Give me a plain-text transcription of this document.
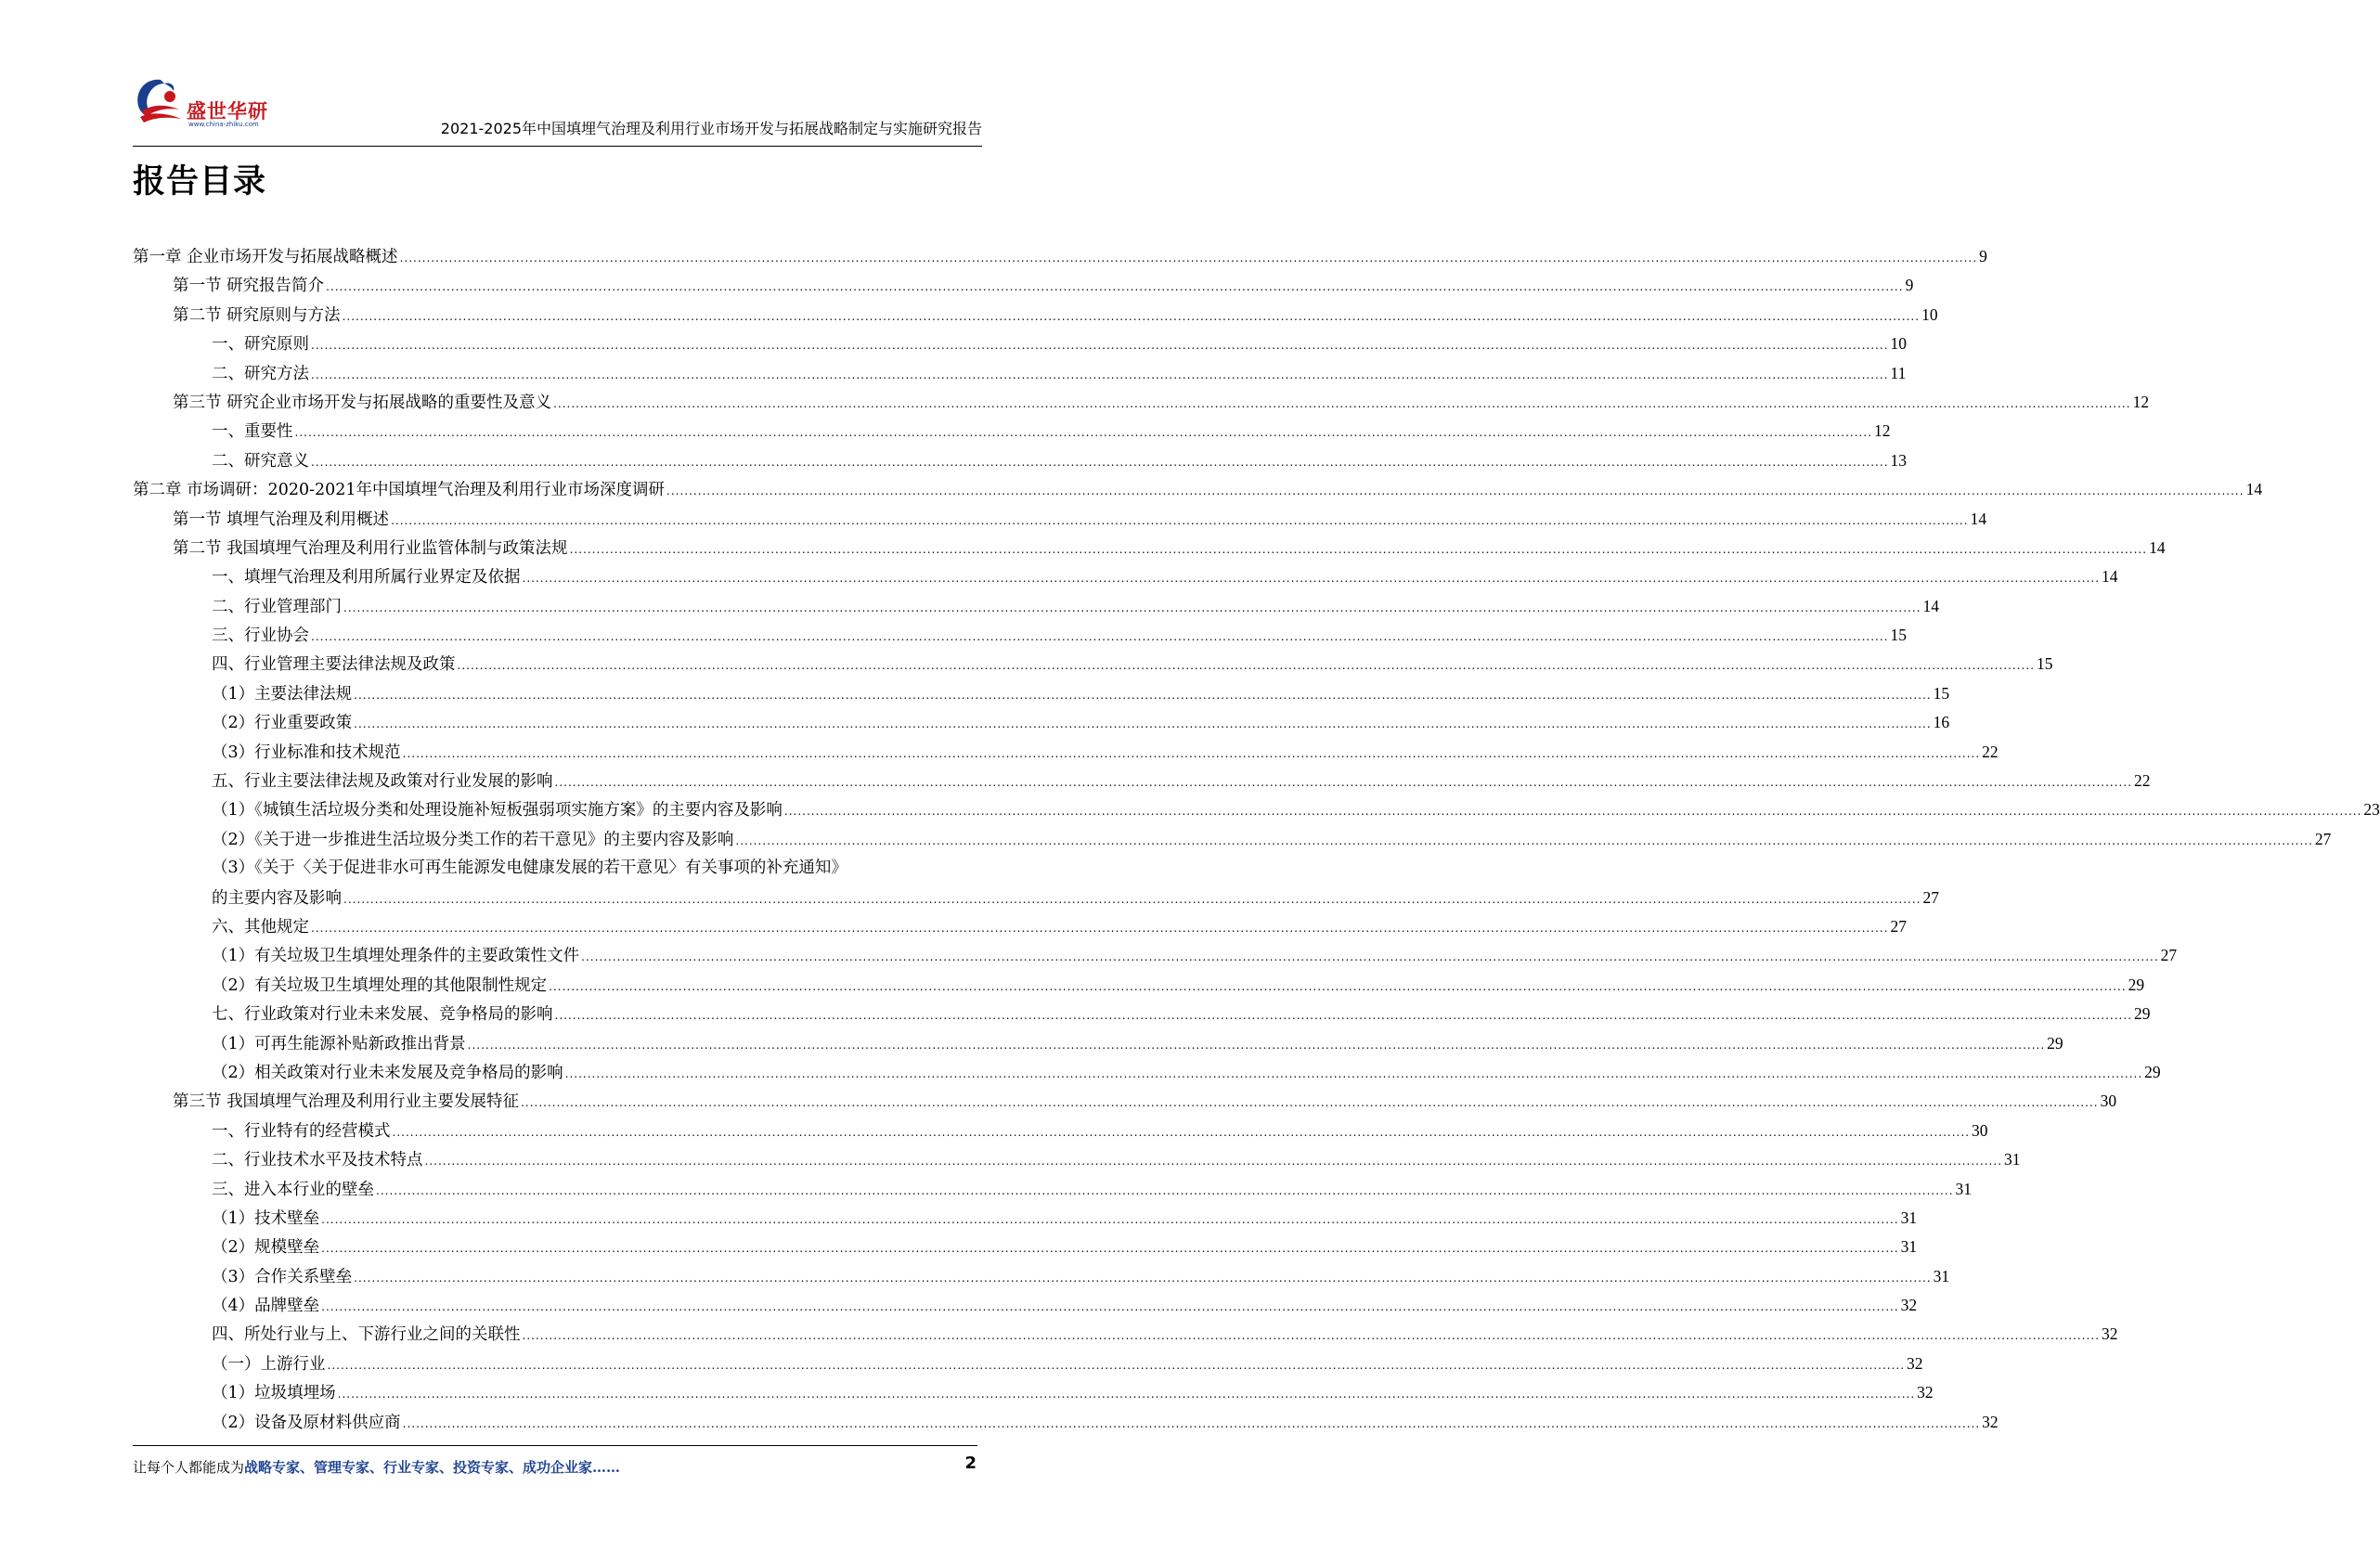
盛世华研
www.china-zhiku.com	2021-2025年中国填埋气治理及利用行业市场开发与拓展战略制定与实施研究报告
报告目录
第一章 企业市场开发与拓展战略概述 .....	9
第一节 研究报告简介 .....	9
第二节 研究原则与方法 .....	10
一、研究原则 .....	10
二、研究方法 .....	11
第三节 研究企业市场开发与拓展战略的重要性及意义 .....	12
一、重要性 .....	12
二、研究意义 .....	13
第二章 市场调研：2020-2021年中国填埋气治理及利用行业市场深度调研 .....	14
第一节 填埋气治理及利用概述 .....	14
第二节 我国填埋气治理及利用行业监管体制与政策法规 .....	14
一、填埋气治理及利用所属行业界定及依据 .....	14
二、行业管理部门 .....	14
三、行业协会 .....	15
四、行业管理主要法律法规及政策 .....	15
（1）主要法律法规 .....	15
（2）行业重要政策 .....	16
（3）行业标准和技术规范 .....	22
五、行业主要法律法规及政策对行业发展的影响 .....	22
（1）《城镇生活垃圾分类和处理设施补短板强弱项实施方案》的主要内容及影响 .....	23
（2）《关于进一步推进生活垃圾分类工作的若干意见》的主要内容及影响 .....	27
（3）《关于〈关于促进非水可再生能源发电健康发展的若干意见〉有关事项的补充通知》
的主要内容及影响 .....	27
六、其他规定 .....	27
（1）有关垃圾卫生填埋处理条件的主要政策性文件 .....	27
（2）有关垃圾卫生填埋处理的其他限制性规定 .....	29
七、行业政策对行业未来发展、竞争格局的影响 .....	29
（1）可再生能源补贴新政推出背景 .....	29
（2）相关政策对行业未来发展及竞争格局的影响 .....	29
第三节 我国填埋气治理及利用行业主要发展特征 .....	30
一、行业特有的经营模式 .....	30
二、行业技术水平及技术特点 .....	31
三、进入本行业的壁垒 .....	31
（1）技术壁垒 .....	31
（2）规模壁垒 .....	31
（3）合作关系壁垒 .....	31
（4）品牌壁垒 .....	32
四、所处行业与上、下游行业之间的关联性 .....	32
（一）上游行业 .....	32
（1）垃圾填埋场 .....	32
（2）设备及原材料供应商 .....	32
让每个人都能成为战略专家、管理专家、行业专家、投资专家、成功企业家……	2
